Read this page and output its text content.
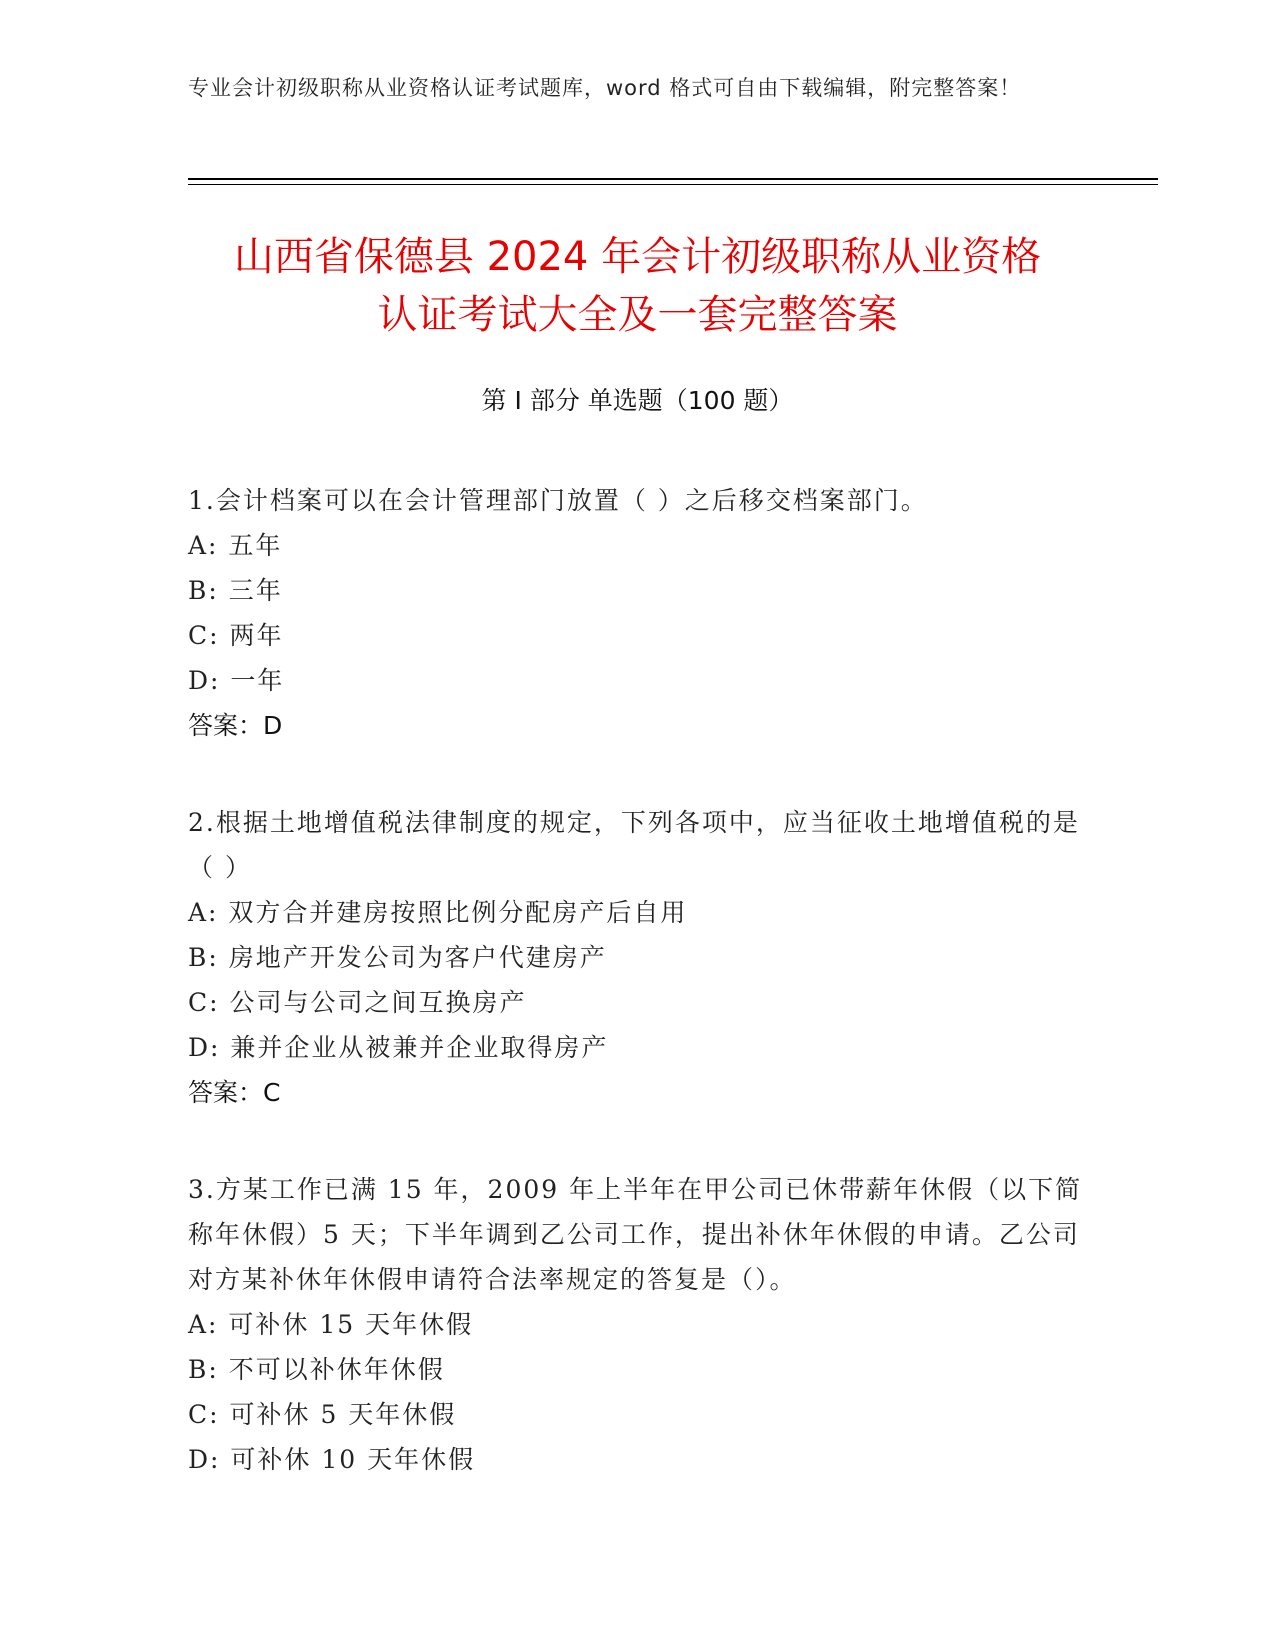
专业会计初级职称从业资格认证考试题库，word 格式可自由下载编辑，附完整答案！
山西省保德县 2024 年会计初级职称从业资格
认证考试大全及一套完整答案
第 I 部分 单选题（100 题）
1.会计档案可以在会计管理部门放置（ ）之后移交档案部门。
A: 五年
B: 三年
C: 两年
D: 一年
答案：D
2.根据土地增值税法律制度的规定，下列各项中，应当征收土地增值税的是（ ）
A: 双方合并建房按照比例分配房产后自用
B: 房地产开发公司为客户代建房产
C: 公司与公司之间互换房产
D: 兼并企业从被兼并企业取得房产
答案：C
3.方某工作已满 15 年，2009 年上半年在甲公司已休带薪年休假（以下简称年休假）5 天；下半年调到乙公司工作，提出补休年休假的申请。乙公司对方某补休年休假申请符合法率规定的答复是（）。
A: 可补休 15 天年休假
B: 不可以补休年休假
C: 可补休 5 天年休假
D: 可补休 10 天年休假
